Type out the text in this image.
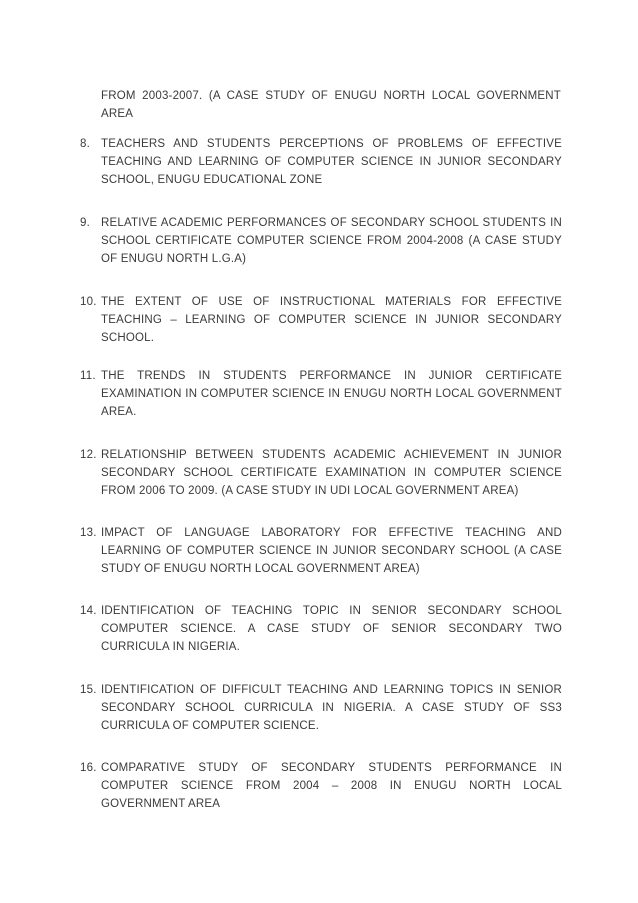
FROM 2003-2007. (A CASE STUDY OF ENUGU NORTH LOCAL GOVERNMENT AREA

8. TEACHERS AND STUDENTS PERCEPTIONS OF PROBLEMS OF EFFECTIVE TEACHING AND LEARNING OF COMPUTER SCIENCE IN JUNIOR SECONDARY SCHOOL, ENUGU EDUCATIONAL ZONE
9. RELATIVE ACADEMIC PERFORMANCES OF SECONDARY SCHOOL STUDENTS IN SCHOOL CERTIFICATE COMPUTER SCIENCE FROM 2004-2008 (A CASE STUDY OF ENUGU NORTH L.G.A)
10. THE EXTENT OF USE OF INSTRUCTIONAL MATERIALS FOR EFFECTIVE TEACHING – LEARNING OF COMPUTER SCIENCE IN JUNIOR SECONDARY SCHOOL.
11. THE TRENDS IN STUDENTS PERFORMANCE IN JUNIOR CERTIFICATE EXAMINATION IN COMPUTER SCIENCE IN ENUGU NORTH LOCAL GOVERNMENT AREA.
12. RELATIONSHIP BETWEEN STUDENTS ACADEMIC ACHIEVEMENT IN JUNIOR SECONDARY SCHOOL CERTIFICATE EXAMINATION IN COMPUTER SCIENCE FROM 2006 TO 2009. (A CASE STUDY IN UDI LOCAL GOVERNMENT AREA)
13. IMPACT OF LANGUAGE LABORATORY FOR EFFECTIVE TEACHING AND LEARNING OF COMPUTER SCIENCE IN JUNIOR SECONDARY SCHOOL (A CASE STUDY OF ENUGU NORTH LOCAL GOVERNMENT AREA)
14. IDENTIFICATION OF TEACHING TOPIC IN SENIOR SECONDARY SCHOOL COMPUTER SCIENCE. A CASE STUDY OF SENIOR SECONDARY TWO CURRICULA IN NIGERIA.
15. IDENTIFICATION OF DIFFICULT TEACHING AND LEARNING TOPICS IN SENIOR SECONDARY SCHOOL CURRICULA IN NIGERIA. A CASE STUDY OF SS3 CURRICULA OF COMPUTER SCIENCE.
16. COMPARATIVE STUDY OF SECONDARY STUDENTS PERFORMANCE IN COMPUTER SCIENCE FROM 2004 – 2008 IN ENUGU NORTH LOCAL GOVERNMENT AREA
